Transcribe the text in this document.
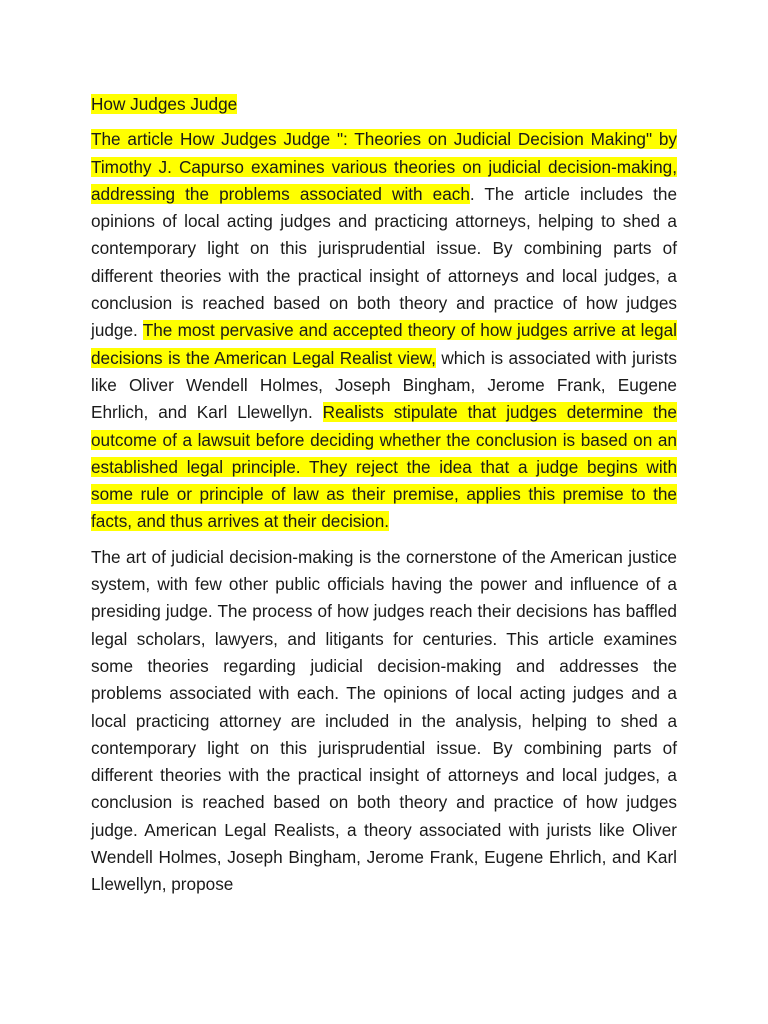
How Judges Judge

The article How Judges Judge ": Theories on Judicial Decision Making" by Timothy J. Capurso examines various theories on judicial decision-making, addressing the problems associated with each. The article includes the opinions of local acting judges and practicing attorneys, helping to shed a contemporary light on this jurisprudential issue. By combining parts of different theories with the practical insight of attorneys and local judges, a conclusion is reached based on both theory and practice of how judges judge. The most pervasive and accepted theory of how judges arrive at legal decisions is the American Legal Realist view, which is associated with jurists like Oliver Wendell Holmes, Joseph Bingham, Jerome Frank, Eugene Ehrlich, and Karl Llewellyn. Realists stipulate that judges determine the outcome of a lawsuit before deciding whether the conclusion is based on an established legal principle. They reject the idea that a judge begins with some rule or principle of law as their premise, applies this premise to the facts, and thus arrives at their decision.

The art of judicial decision-making is the cornerstone of the American justice system, with few other public officials having the power and influence of a presiding judge. The process of how judges reach their decisions has baffled legal scholars, lawyers, and litigants for centuries. This article examines some theories regarding judicial decision-making and addresses the problems associated with each. The opinions of local acting judges and a local practicing attorney are included in the analysis, helping to shed a contemporary light on this jurisprudential issue. By combining parts of different theories with the practical insight of attorneys and local judges, a conclusion is reached based on both theory and practice of how judges judge. American Legal Realists, a theory associated with jurists like Oliver Wendell Holmes, Joseph Bingham, Jerome Frank, Eugene Ehrlich, and Karl Llewellyn, propose
